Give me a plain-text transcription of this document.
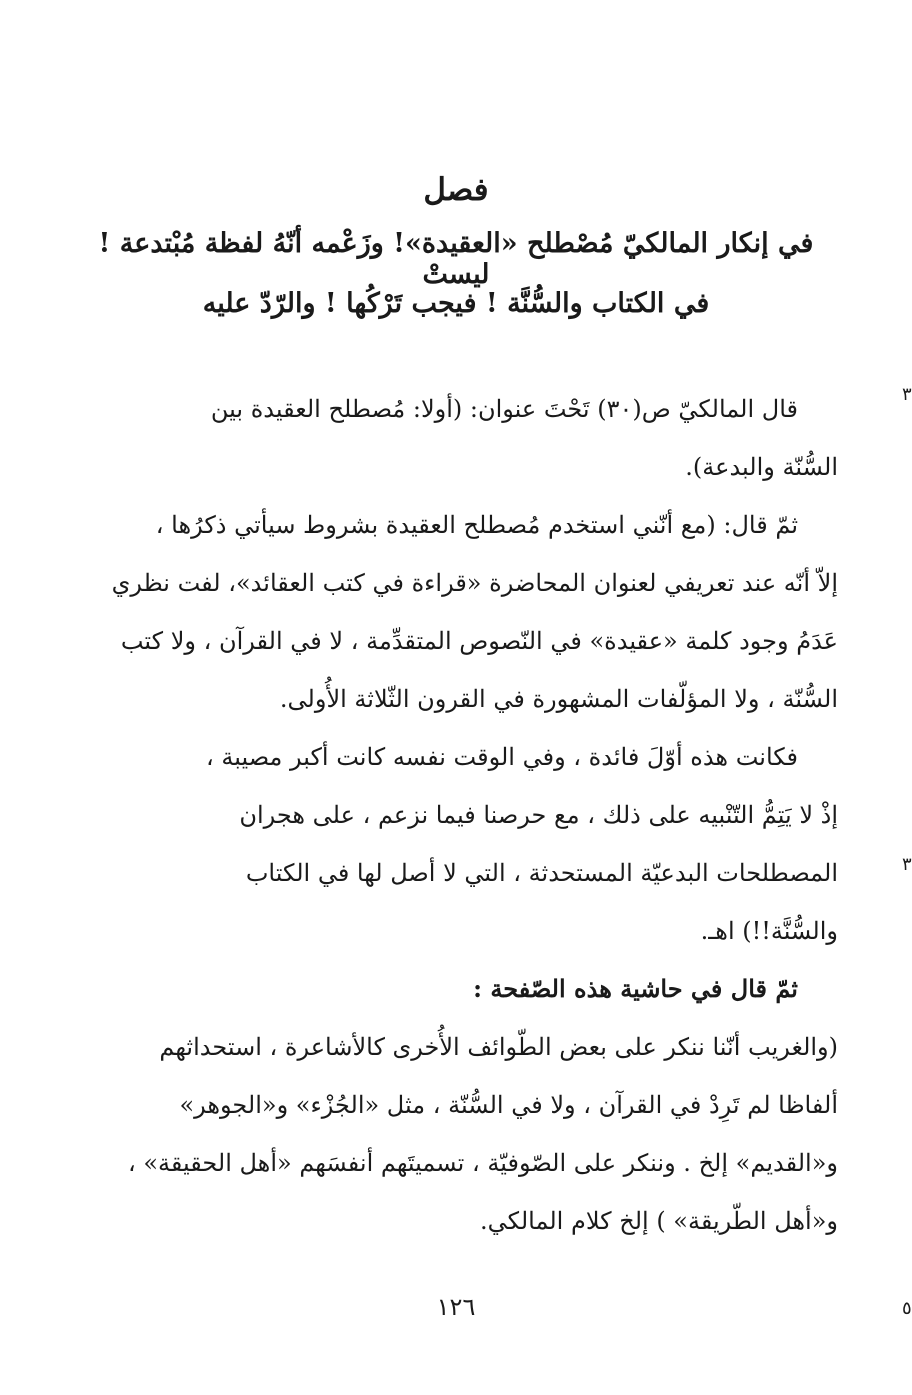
فصل
في إنكار المالكيّ مُصْطلح «العقيدة»! وزَعْمه أنّهُ لفظة مُبْتدعة ! ليستْ
في الكتاب والسُّنَّة ! فيجب تَرْكُها ! والرّدّ عليه
قال المالكيّ ص(٣٠) تَحْتَ عنوان: (أولا: مُصطلح العقيدة بين
السُّنّة والبدعة).
ثمّ قال: (مع أنّني استخدم مُصطلح العقيدة بشروط سيأتي ذكرُها ،
إلاّ أنّه عند تعريفي لعنوان المحاضرة «قراءة في كتب العقائد»، لفت نظري
عَدَمُ وجود كلمة «عقيدة» في النّصوص المتقدِّمة ، لا في القرآن ، ولا كتب
السُّنّة ، ولا المؤلّفات المشهورة في القرون الثّلاثة الأُولى.
فكانت هذه أوّلَ فائدة ، وفي الوقت نفسه كانت أكبر مصيبة ،
إذْ لا يَتِمُّ التّنْبيه على ذلك ، مع حرصنا فيما نزعم ، على هجران
المصطلحات البدعيّة المستحدثة ، التي لا أصل لها في الكتاب
والسُّنَّة!!) اهـ.
ثمّ قال في حاشية هذه الصّفحة :
(والغريب أنّنا ننكر على بعض الطّوائف الأُخرى كالأشاعرة ، استحداثهم
ألفاظا لم تَرِدْ في القرآن ، ولا في السُّنّة ، مثل «الجُزْء» و«الجوهر»
و«القديم» إلخ . وننكر على الصّوفيّة ، تسميتَهم أنفسَهم «أهل الحقيقة» ،
و«أهل الطّريقة» ) إلخ كلام المالكي.
٣
٣
٥
١٢٦
